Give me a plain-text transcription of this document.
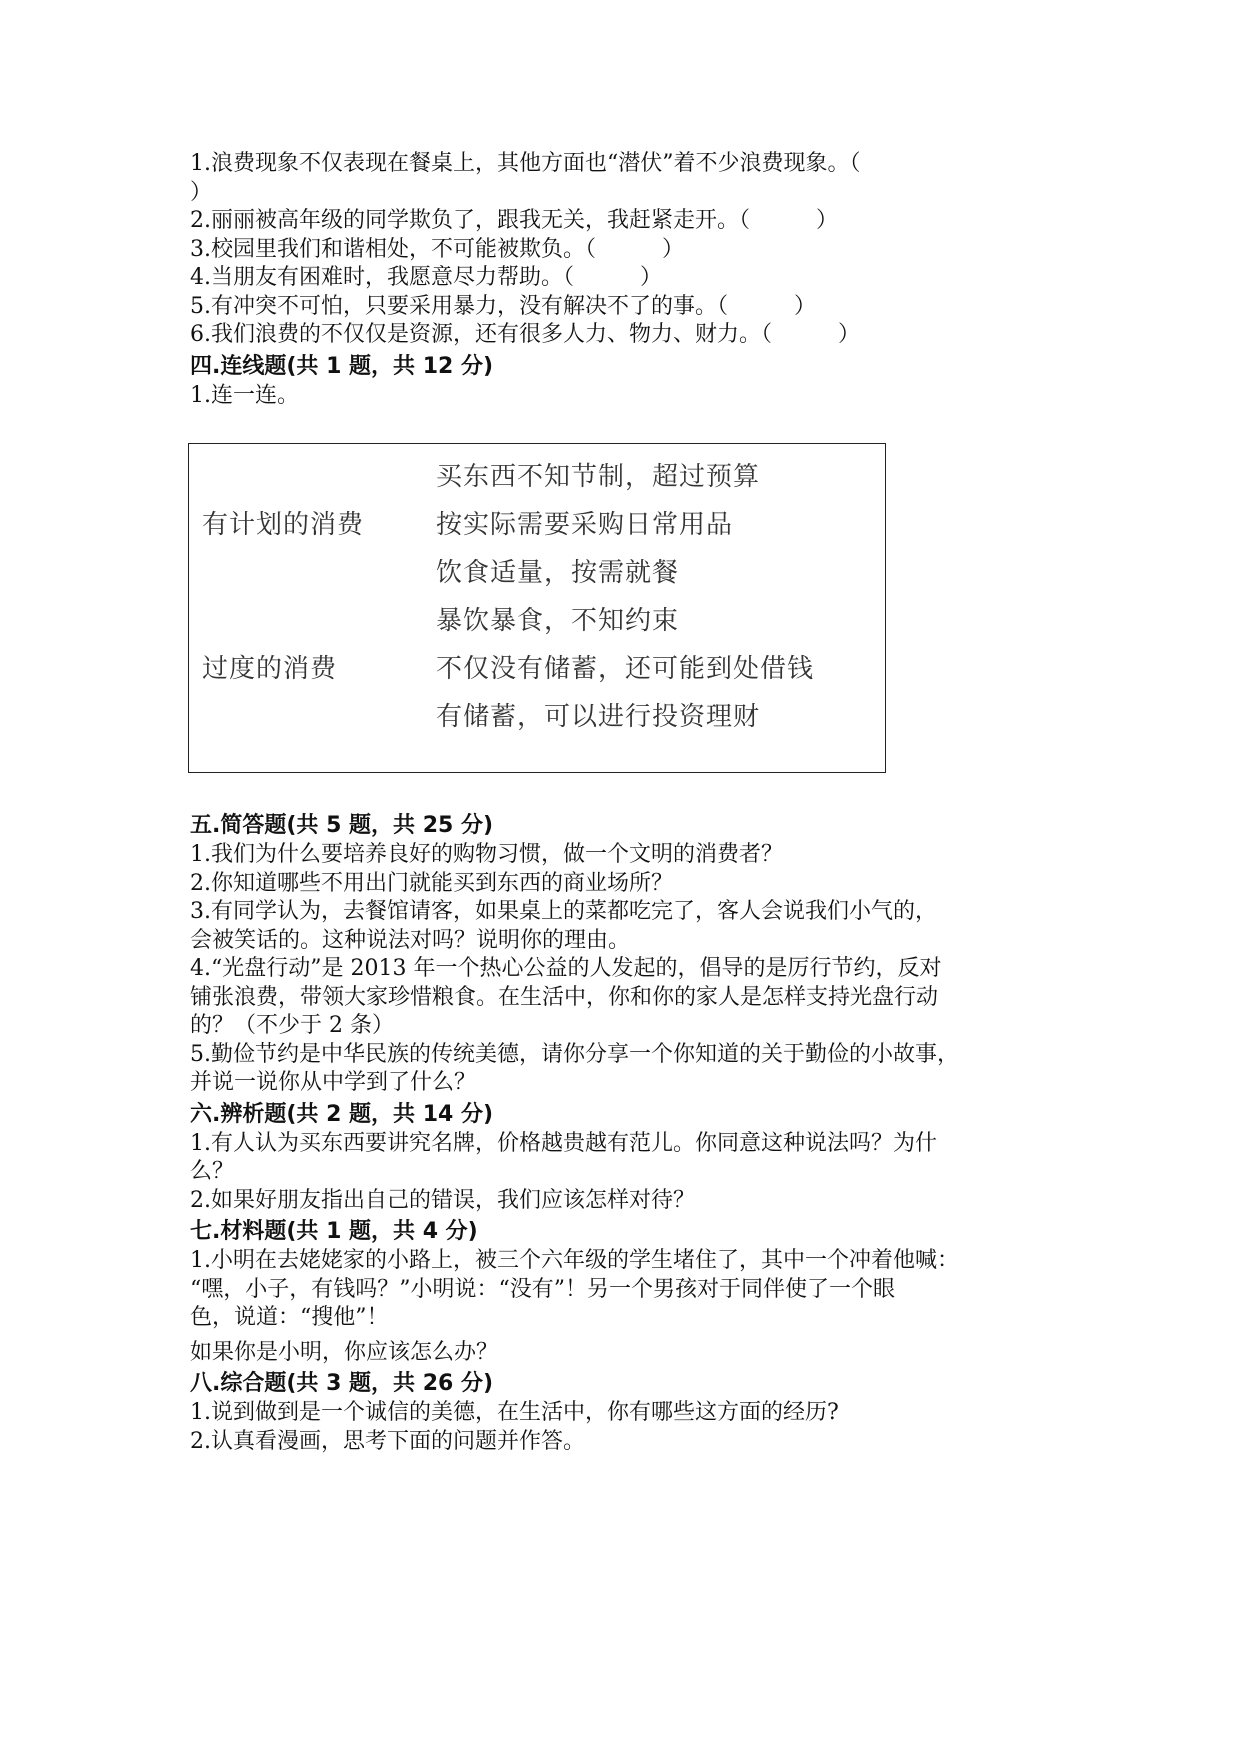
1.浪费现象不仅表现在餐桌上，其他方面也“潜伏”着不少浪费现象。（

）

2.丽丽被高年级的同学欺负了，跟我无关，我赶紧走开。（　　　）

3.校园里我们和谐相处，不可能被欺负。（　　　）

4.当朋友有困难时，我愿意尽力帮助。（　　　）

5.有冲突不可怕，只要采用暴力，没有解决不了的事。（　　　）

6.我们浪费的不仅仅是资源，还有很多人力、物力、财力。（　　　）

四.连线题(共 1 题，共 12 分)

1.连一连。

买东西不知节制，超过预算
有计划的消费	按实际需要采购日常用品
饮食适量，按需就餐
暴饮暴食，不知约束
过度的消费	不仅没有储蓄，还可能到处借钱
有储蓄，可以进行投资理财

五.简答题(共 5 题，共 25 分)

1.我们为什么要培养良好的购物习惯，做一个文明的消费者？

2.你知道哪些不用出门就能买到东西的商业场所？

3.有同学认为，去餐馆请客，如果桌上的菜都吃完了，客人会说我们小气的，

会被笑话的。这种说法对吗？说明你的理由。

4.“光盘行动”是 2013 年一个热心公益的人发起的，倡导的是厉行节约，反对

铺张浪费，带领大家珍惜粮食。在生活中，你和你的家人是怎样支持光盘行动

的？（不少于 2 条）

5.勤俭节约是中华民族的传统美德，请你分享一个你知道的关于勤俭的小故事，

并说一说你从中学到了什么？

六.辨析题(共 2 题，共 14 分)

1.有人认为买东西要讲究名牌，价格越贵越有范儿。你同意这种说法吗？为什

么？

2.如果好朋友指出自己的错误，我们应该怎样对待？

七.材料题(共 1 题，共 4 分)

1.小明在去姥姥家的小路上，被三个六年级的学生堵住了，其中一个冲着他喊：

“嘿，小子，有钱吗？”小明说：“没有”！另一个男孩对于同伴使了一个眼

色，说道：“搜他”！

如果你是小明，你应该怎么办？

八.综合题(共 3 题，共 26 分)

1.说到做到是一个诚信的美德，在生活中，你有哪些这方面的经历?

2.认真看漫画，思考下面的问题并作答。
